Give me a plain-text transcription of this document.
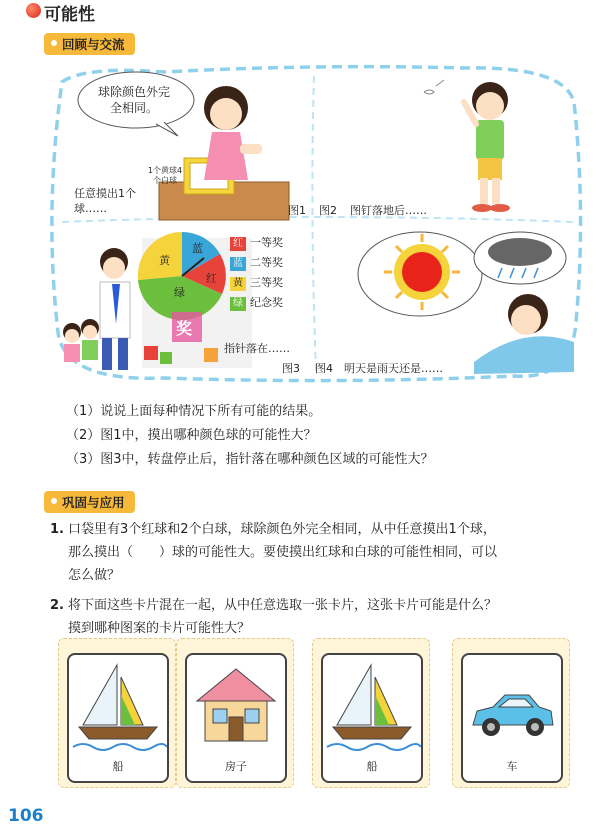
可能性
回顾与交流
球除颜色外完全相同。
1个黄球4个白球
任意摸出1个球……	图1 图2 图钉落地后……
黄
蓝
红
绿
奖
红 一等奖
蓝 二等奖
黄 三等奖
绿 纪念奖
指针落在……
图3 图4 明天是雨天还是……
（1）说说上面每种情况下所有可能的结果。
（2）图1中，摸出哪种颜色球的可能性大？
（3）图3中，转盘停止后，指针落在哪种颜色区域的可能性大？
巩固与应用
1. 口袋里有3个红球和2个白球，球除颜色外完全相同，从中任意摸出1个球，
那么摸出（　　）球的可能性大。要使摸出红球和白球的可能性相同，可以
怎么做？
2. 将下面这些卡片混在一起，从中任意选取一张卡片，这张卡片可能是什么？
摸到哪种图案的卡片可能性大？
船	房子	船	车
106
